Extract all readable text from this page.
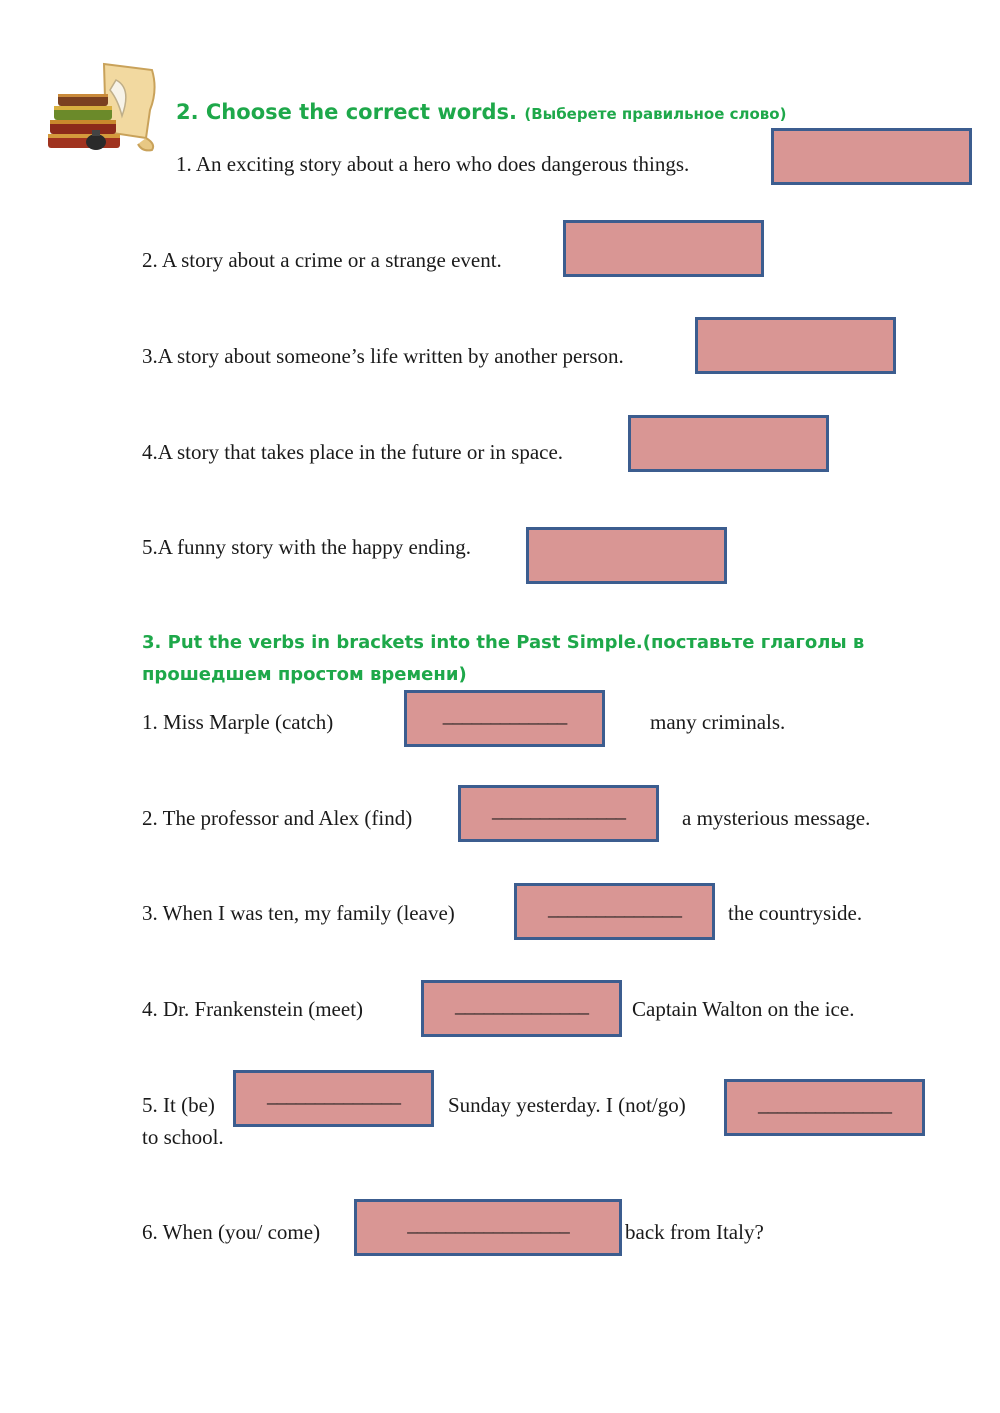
2. Choose the correct words. (Выберете правильное слово)
1. An exciting story about a hero who does dangerous things.
2. A story about a crime or a strange event.
3.A story about someone’s life written by another person.
4.A story that takes place in the future or in space.
5.A funny story with the happy ending.
3. Put the verbs in brackets into the Past Simple.(поставьте глаголы в
прошедшем простом времени)
1. Miss Marple (catch)	_____________	many criminals.
2. The professor and Alex (find)	______________	a mysterious message.
3. When I was ten, my family (leave)	______________	the countryside.
4. Dr. Frankenstein (meet)	______________	Captain Walton on the ice.
5. It (be)	______________	Sunday yesterday. I (not/go)	______________
to school.
6. When (you/ come)	_________________	back from Italy?
